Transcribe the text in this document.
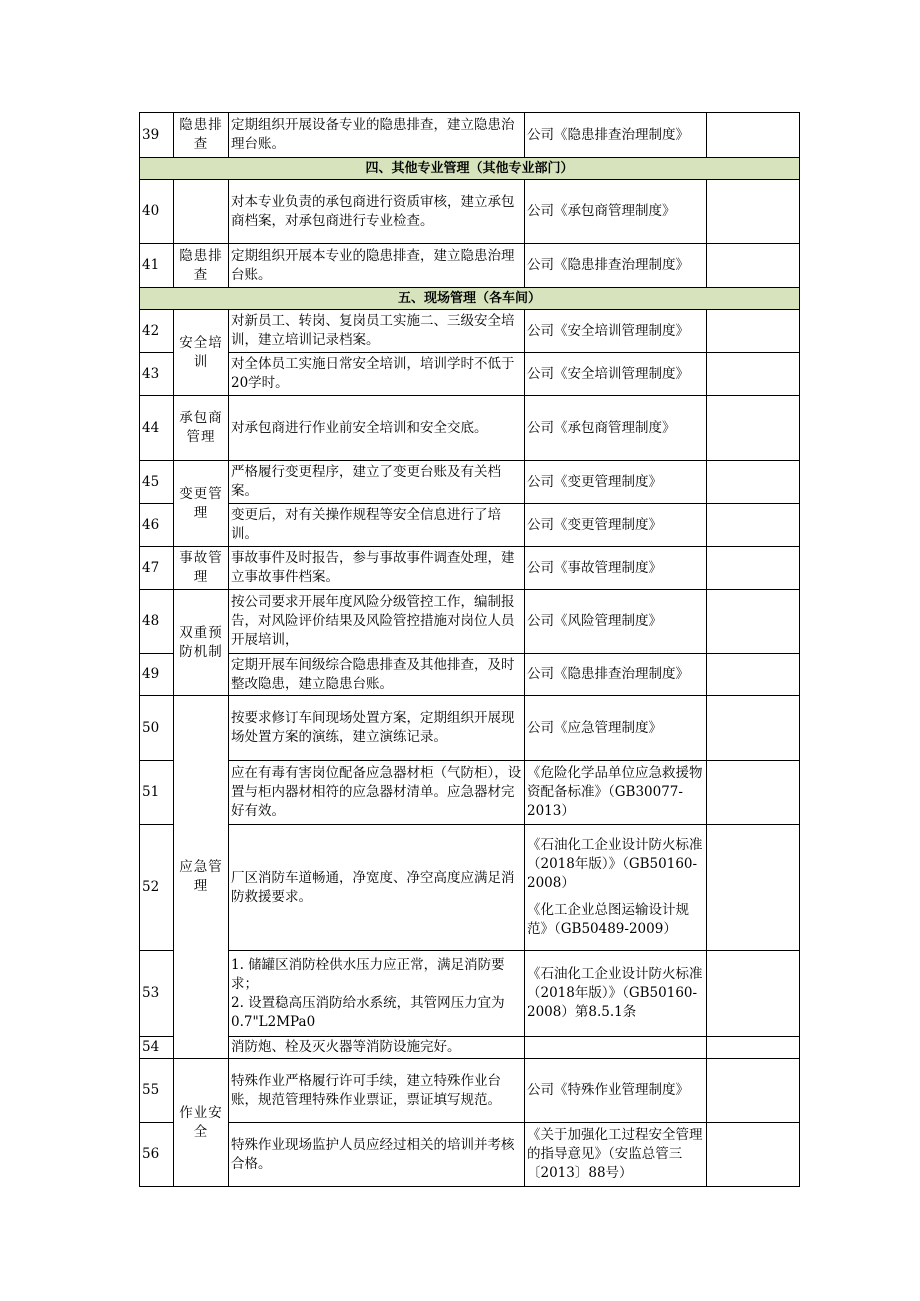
39	隐患排查	定期组织开展设备专业的隐患排查，建立隐患治理台账。	公司《隐患排查治理制度》	
四、其他专业管理（其他专业部门）				
40		对本专业负责的承包商进行资质审核，建立承包商档案，对承包商进行专业检查。	公司《承包商管理制度》	
41	隐患排查	定期组织开展本专业的隐患排查，建立隐患治理台账。	公司《隐患排查治理制度》	
五、现场管理（各车间）				
42	安全培训	对新员工、转岗、复岗员工实施二、三级安全培训，建立培训记录档案。	公司《安全培训管理制度》	
43		对全体员工实施日常安全培训，培训学时不低于20学时。	公司《安全培训管理制度》	
44	承包商管理	对承包商进行作业前安全培训和安全交底。	公司《承包商管理制度》	
45	变更管理	严格履行变更程序，建立了变更台账及有关档案。	公司《变更管理制度》	
46		变更后，对有关操作规程等安全信息进行了培训。	公司《变更管理制度》	
47	事故管理	事故事件及时报告，参与事故事件调查处理，建立事故事件档案。	公司《事故管理制度》	
48	双重预防机制	按公司要求开展年度风险分级管控工作，编制报告，对风险评价结果及风险管控措施对岗位人员开展培训，	公司《风险管理制度》	
49		定期开展车间级综合隐患排查及其他排查，及时整改隐患，建立隐患台账。	公司《隐患排查治理制度》	
50	应急管理	按要求修订车间现场处置方案，定期组织开展现场处置方案的演练，建立演练记录。	公司《应急管理制度》	
51		应在有毒有害岗位配备应急器材柜（气防柜），设置与柜内器材相符的应急器材清单。应急器材完好有效。	《危险化学品单位应急救援物资配备标准》（GB30077-2013）	
52		厂区消防车道畅通，净宽度、净空高度应满足消防救援要求。	《石油化工企业设计防火标准（2018年版）》（GB50160-2008）
《化工企业总图运输设计规范》（GB50489-2009）	

53		1. 储罐区消防栓供水压力应正常，满足消防要求；
2. 设置稳高压消防给水系统，其管网压力宜为0.7"L2MPa0	《石油化工企业设计防火标准（2018年版）》（GB50160-2008）第8.5.1条	
54		消防炮、栓及灭火器等消防设施完好。		
55	作业安全	特殊作业严格履行许可手续，建立特殊作业台账，规范管理特殊作业票证，票证填写规范。	公司《特殊作业管理制度》	
56		特殊作业现场监护人员应经过相关的培训并考核合格。	《关于加强化工过程安全管理的指导意见》（安监总管三〔2013〕88号）	
